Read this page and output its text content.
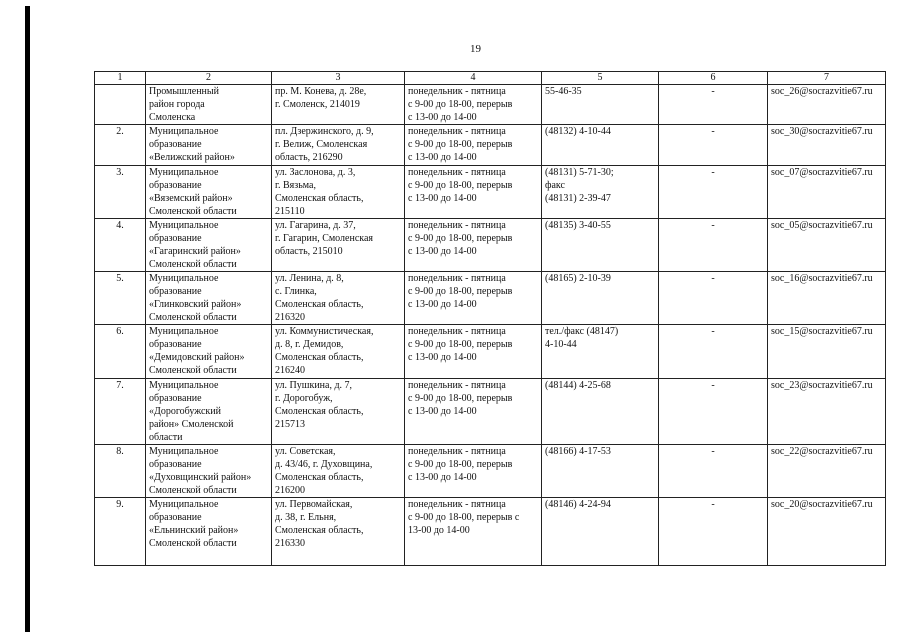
19
1	2	3	4	5	6	7
	Промышленный
район города
Смоленска	пр. М. Конева, д. 28е,
г. Смоленск, 214019	понедельник - пятница
с 9-00 до 18-00, перерыв
с 13-00 до 14-00	55-46-35	-	soc_26@socrazvitie67.ru
2.	Муниципальное
образование
«Велижский район»	пл. Дзержинского, д. 9,
г. Велиж, Смоленская
область, 216290	понедельник - пятница
с 9-00 до 18-00, перерыв
с 13-00 до 14-00	(48132) 4-10-44	-	soc_30@socrazvitie67.ru
3.	Муниципальное
образование
«Вяземский район»
Смоленской области	ул. Заслонова, д. 3,
г. Вязьма,
Смоленская область,
215110	понедельник - пятница
с 9-00 до 18-00, перерыв
с 13-00 до 14-00	(48131) 5-71-30;
факс
(48131) 2-39-47	-	soc_07@socrazvitie67.ru
4.	Муниципальное
образование
«Гагаринский район»
Смоленской области	ул. Гагарина, д. 37,
г. Гагарин, Смоленская
область, 215010	понедельник - пятница
с 9-00 до 18-00, перерыв
с 13-00 до 14-00	(48135) 3-40-55	-	soc_05@socrazvitie67.ru
5.	Муниципальное
образование
«Глинковский район»
Смоленской области	ул. Ленина, д. 8,
с. Глинка,
Смоленская область,
216320	понедельник - пятница
с 9-00 до 18-00, перерыв
с 13-00 до 14-00	(48165) 2-10-39	-	soc_16@socrazvitie67.ru
6.	Муниципальное
образование
«Демидовский район»
Смоленской области	ул. Коммунистическая,
д. 8, г. Демидов,
Смоленская область,
216240	понедельник - пятница
с 9-00 до 18-00, перерыв
с 13-00 до 14-00	тел./факс (48147)
4-10-44	-	soc_15@socrazvitie67.ru
7.	Муниципальное
образование
«Дорогобужский
район» Смоленской
области	ул. Пушкина, д. 7,
г. Дорогобуж,
Смоленская область,
215713	понедельник - пятница
с 9-00 до 18-00, перерыв
с 13-00 до 14-00	(48144) 4-25-68	-	soc_23@socrazvitie67.ru
8.	Муниципальное
образование
«Духовщинский район»
Смоленской области	ул. Советская,
д. 43/46, г. Духовщина,
Смоленская область,
216200	понедельник - пятница
с 9-00 до 18-00, перерыв
с 13-00 до 14-00	(48166) 4-17-53	-	soc_22@socrazvitie67.ru
9.	Муниципальное
образование
«Ельнинский район»
Смоленской области	ул. Первомайская,
д. 38, г. Ельня,
Смоленская область,
216330	понедельник - пятница
с 9-00 до 18-00, перерыв с
13-00 до 14-00	(48146) 4-24-94	-	soc_20@socrazvitie67.ru
